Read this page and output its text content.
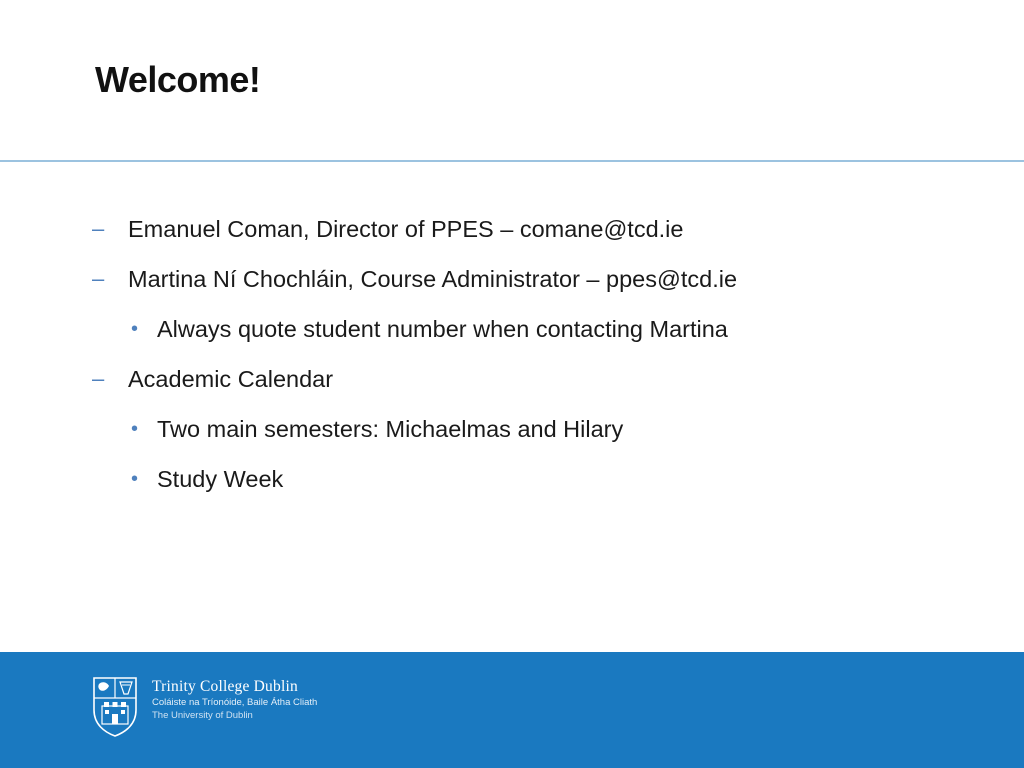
Welcome!
– Emanuel Coman, Director of PPES – comane@tcd.ie
– Martina Ní Chochláin, Course Administrator – ppes@tcd.ie
• Always quote student number when contacting Martina
– Academic Calendar
• Two main semesters: Michaelmas and Hilary
• Study Week
Trinity College Dublin
Coláiste na Tríonóide, Baile Átha Cliath
The University of Dublin
